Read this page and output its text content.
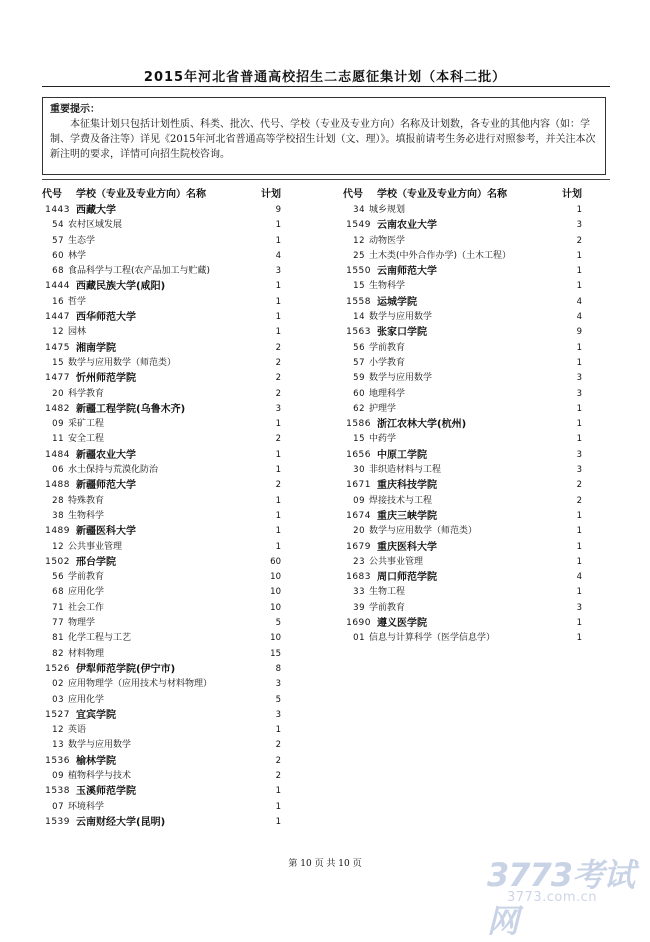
2015年河北省普通高校招生二志愿征集计划（本科二批）
重要提示：

本征集计划只包括计划性质、科类、批次、代号、学校（专业及专业方向）名称及计划数，各专业的其他内容（如：学制、学费及备注等）详见《2015年河北省普通高等学校招生计划（文、理）》。填报前请考生务必进行对照参考，并关注本次新注明的要求，详情可向招生院校咨询。

代号 学校（专业及专业方向）名称	计划
1443 西藏大学	9
54 农村区域发展	1
57 生态学	1
60 林学	4
68 食品科学与工程(农产品加工与贮藏)	3
1444 西藏民族大学(咸阳)	1
16 哲学	1
1447 西华师范大学	1
12 园林	1
1475 湘南学院	2
15 数学与应用数学（师范类）	2
1477 忻州师范学院	2
20 科学教育	2
1482 新疆工程学院(乌鲁木齐)	3
09 采矿工程	1
11 安全工程	2
1484 新疆农业大学	1
06 水土保持与荒漠化防治	1
1488 新疆师范大学	2
28 特殊教育	1
38 生物科学	1
1489 新疆医科大学	1
12 公共事业管理	1
1502 邢台学院	60
56 学前教育	10
68 应用化学	10
71 社会工作	10
77 物理学	5
81 化学工程与工艺	10
82 材料物理	15
1526 伊犁师范学院(伊宁市)	8
02 应用物理学（应用技术与材料物理）	3
03 应用化学	5
1527 宜宾学院	3
12 英语	1
13 数学与应用数学	2
1536 榆林学院	2
09 植物科学与技术	2
1538 玉溪师范学院	1
07 环境科学	1
1539 云南财经大学(昆明)	1
代号 学校（专业及专业方向）名称	计划
34 城乡规划	1
1549 云南农业大学	3
12 动物医学	2
25 土木类(中外合作办学)（土木工程）	1
1550 云南师范大学	1
15 生物科学	1
1558 运城学院	4
14 数学与应用数学	4
1563 张家口学院	9
56 学前教育	1
57 小学教育	1
59 数学与应用数学	3
60 地理科学	3
62 护理学	1
1586 浙江农林大学(杭州)	1
15 中药学	1
1656 中原工学院	3
30 非织造材料与工程	3
1671 重庆科技学院	2
09 焊接技术与工程	2
1674 重庆三峡学院	1
20 数学与应用数学（师范类）	1
1679 重庆医科大学	1
23 公共事业管理	1
1683 周口师范学院	4
33 生物工程	1
39 学前教育	3
1690 遵义医学院	1
01 信息与计算科学（医学信息学）	1
第 10 页 共 10 页	3773考试网
3773.com.cn
